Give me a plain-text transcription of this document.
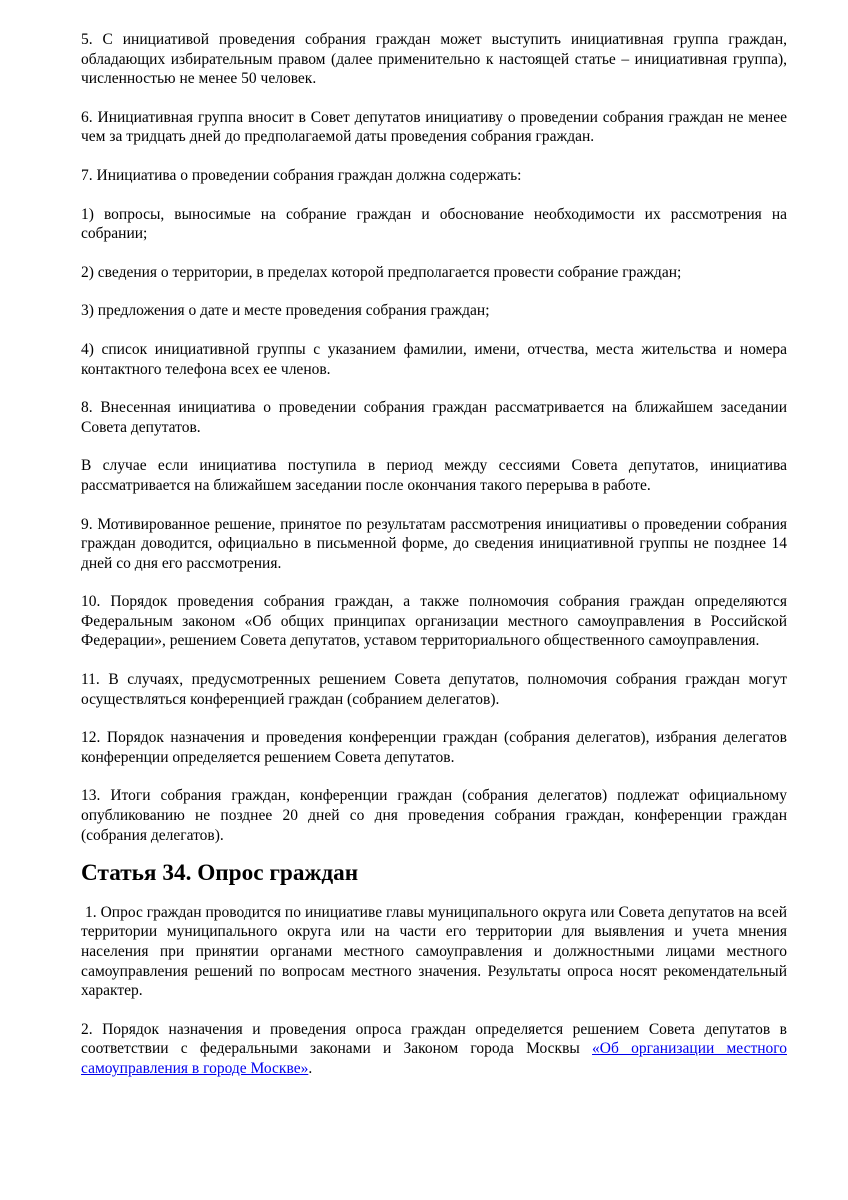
5. С инициативой проведения собрания граждан может выступить инициативная группа граждан, обладающих избирательным правом (далее применительно к настоящей статье – инициативная группа), численностью не менее 50 человек.

6. Инициативная группа вносит в Совет депутатов инициативу о проведении собрания граждан не менее чем за тридцать дней до предполагаемой даты проведения собрания граждан.

7. Инициатива о проведении собрания граждан должна содержать:

1) вопросы, выносимые на собрание граждан и обоснование необходимости их рассмотрения на собрании;

2) сведения о территории, в пределах которой предполагается провести собрание граждан;

3) предложения о дате и месте проведения собрания граждан;

4) список инициативной группы с указанием фамилии, имени, отчества, места жительства и номера контактного телефона всех ее членов.

8. Внесенная инициатива о проведении собрания граждан рассматривается на ближайшем заседании Совета депутатов.

В случае если инициатива поступила в период между сессиями Совета депутатов, инициатива рассматривается на ближайшем заседании после окончания такого перерыва в работе.

9. Мотивированное решение, принятое по результатам рассмотрения инициативы о проведении собрания граждан доводится, официально в письменной форме, до сведения инициативной группы не позднее 14 дней со дня его рассмотрения.

10. Порядок проведения собрания граждан, а также полномочия собрания граждан определяются Федеральным законом «Об общих принципах организации местного самоуправления в Российской Федерации», решением Совета депутатов, уставом территориального общественного самоуправления.

11. В случаях, предусмотренных решением Совета депутатов, полномочия собрания граждан могут осуществляться конференцией граждан (собранием делегатов).

12. Порядок назначения и проведения конференции граждан (собрания делегатов), избрания делегатов конференции определяется решением Совета депутатов.

13. Итоги собрания граждан, конференции граждан (собрания делегатов) подлежат официальному опубликованию не позднее 20 дней со дня проведения собрания граждан, конференции граждан (собрания делегатов).

Статья 34. Опрос граждан

1. Опрос граждан проводится по инициативе главы муниципального округа или Совета депутатов на всей территории муниципального округа или на части его территории для выявления и учета мнения населения при принятии органами местного самоуправления и должностными лицами местного самоуправления решений по вопросам местного значения. Результаты опроса носят рекомендательный характер.

2. Порядок назначения и проведения опроса граждан определяется решением Совета депутатов в соответствии с федеральными законами и Законом города Москвы «Об организации местного самоуправления в городе Москве».
